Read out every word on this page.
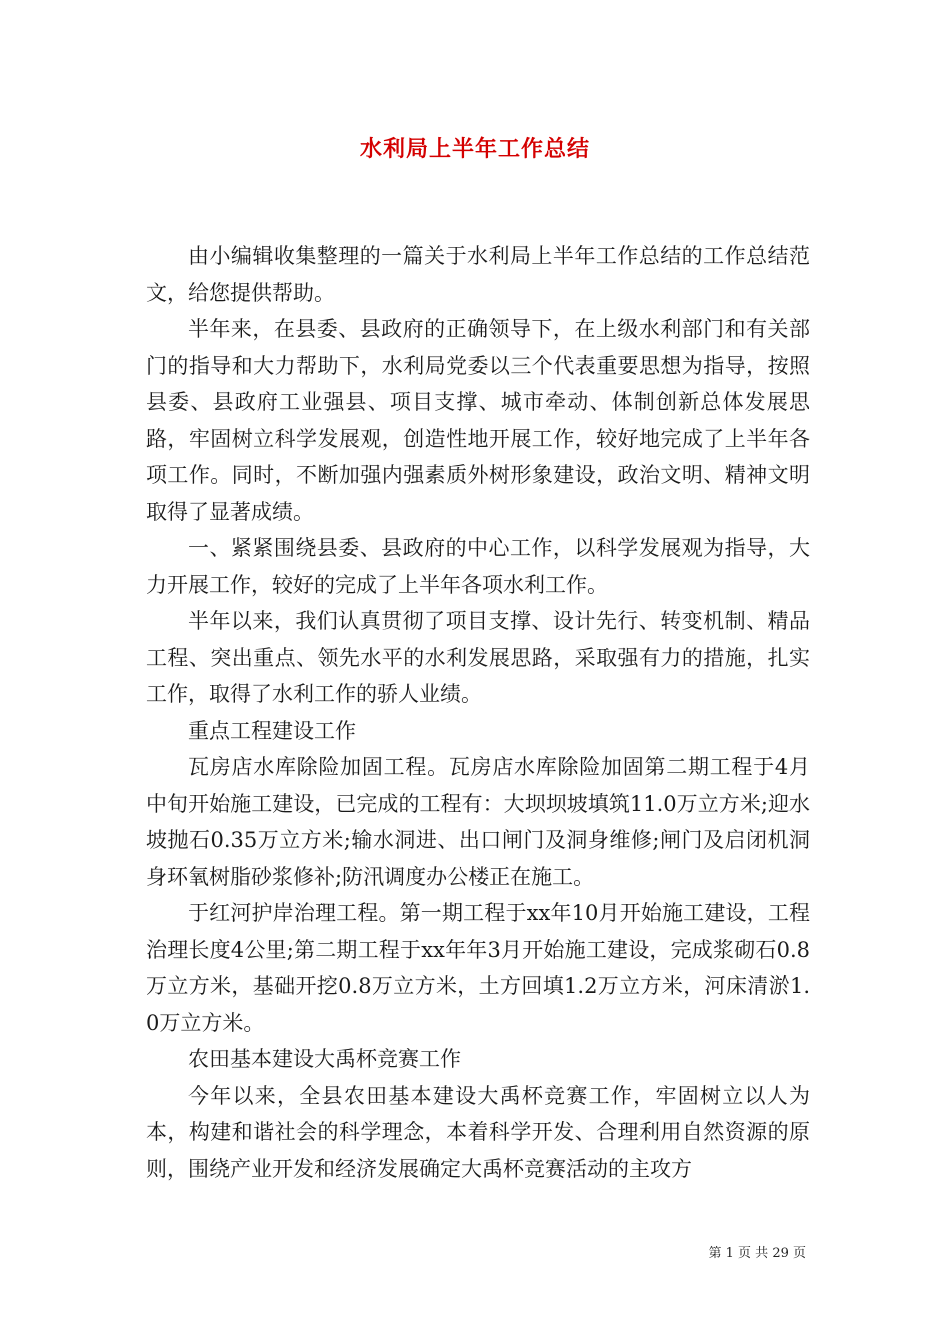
水利局上半年工作总结

由小编辑收集整理的一篇关于水利局上半年工作总结的工作总结范文，给您提供帮助。

半年来，在县委、县政府的正确领导下，在上级水利部门和有关部门的指导和大力帮助下，水利局党委以三个代表重要思想为指导，按照县委、县政府工业强县、项目支撑、城市牵动、体制创新总体发展思路，牢固树立科学发展观，创造性地开展工作，较好地完成了上半年各项工作。同时，不断加强内强素质外树形象建设，政治文明、精神文明取得了显著成绩。

一、紧紧围绕县委、县政府的中心工作，以科学发展观为指导，大力开展工作，较好的完成了上半年各项水利工作。

半年以来，我们认真贯彻了项目支撑、设计先行、转变机制、精品工程、突出重点、领先水平的水利发展思路，采取强有力的措施，扎实工作，取得了水利工作的骄人业绩。

重点工程建设工作

瓦房店水库除险加固工程。瓦房店水库除险加固第二期工程于4月中旬开始施工建设，已完成的工程有：大坝坝坡填筑11.0万立方米;迎水坡抛石0.35万立方米;输水洞进、出口闸门及洞身维修;闸门及启闭机洞身环氧树脂砂浆修补;防汛调度办公楼正在施工。

于红河护岸治理工程。第一期工程于xx年10月开始施工建设，工程治理长度4公里;第二期工程于xx年年3月开始施工建设，完成浆砌石0.8万立方米，基础开挖0.8万立方米，土方回填1.2万立方米，河床清淤1.0万立方米。

农田基本建设大禹杯竞赛工作

今年以来，全县农田基本建设大禹杯竞赛工作，牢固树立以人为本，构建和谐社会的科学理念，本着科学开发、合理利用自然资源的原则，围绕产业开发和经济发展确定大禹杯竞赛活动的主攻方

第 1 页 共 29 页
